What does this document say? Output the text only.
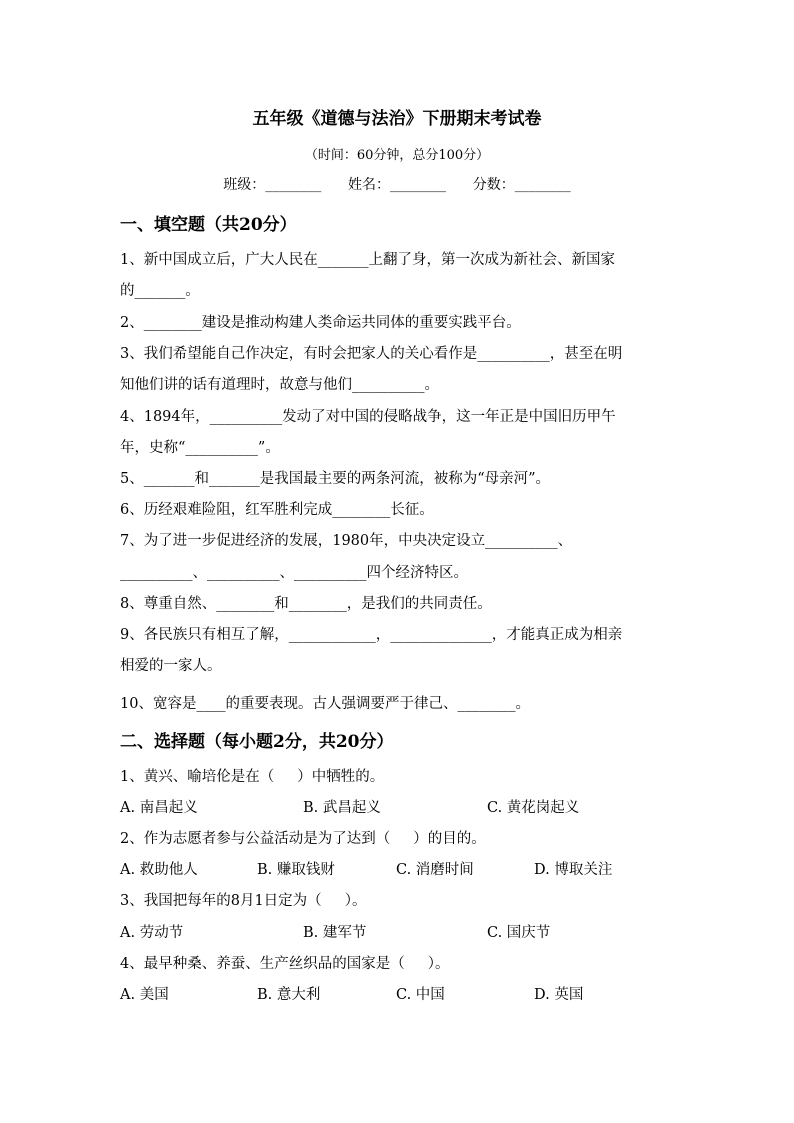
五年级《道德与法治》下册期末考试卷
（时间：60分钟，总分100分）
班级：________      姓名：________      分数：________
一、填空题（共20分）
1、新中国成立后，广大人民在_______上翻了身，第一次成为新社会、新国家
的_______。
2、________建设是推动构建人类命运共同体的重要实践平台。
3、我们希望能自己作决定，有时会把家人的关心看作是__________，甚至在明
知他们讲的话有道理时，故意与他们__________。
4、1894年，__________发动了对中国的侵略战争，这一年正是中国旧历甲午
年，史称“__________”。
5、_______和_______是我国最主要的两条河流，被称为“母亲河”。
6、历经艰难险阻，红军胜利完成________长征。
7、为了进一步促进经济的发展，1980年，中央决定设立__________、
__________、__________、__________四个经济特区。
8、尊重自然、________和________，是我们的共同责任。
9、各民族只有相互了解，____________，______________，才能真正成为相亲
相爱的一家人。
10、宽容是____的重要表现。古人强调要严于律己、________。
二、选择题（每小题2分，共20分）
1、黄兴、喻培伦是在（     ）中牺牲的。

A. 南昌起义

	B. 武昌起义

	C. 黄花岗起义

2、作为志愿者参与公益活动是为了达到（     ）的目的。

A. 救助他人

	B. 赚取钱财

	C. 消磨时间

	D. 博取关注

3、我国把每年的8月1日定为（     ）。

A. 劳动节

	B. 建军节

	C. 国庆节

4、最早种桑、养蚕、生产丝织品的国家是（     ）。

A. 美国

	B. 意大利

	C. 中国

	D. 英国
